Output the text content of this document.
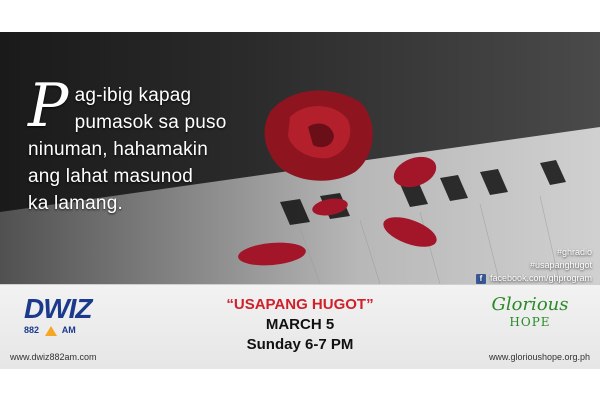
P ag-ibig kapag
pumasok sa puso
ninuman, hahamakin
ang lahat masunod
ka lamang.
#ghradio
#usapanghugot
f facebook.com/ghprogram
DWIZ
882	AM
www.dwiz882am.com
“USAPANG HUGOT”
MARCH 5
Sunday 6-7 PM
Glorious
HOPE
www.glorioushope.org.ph
